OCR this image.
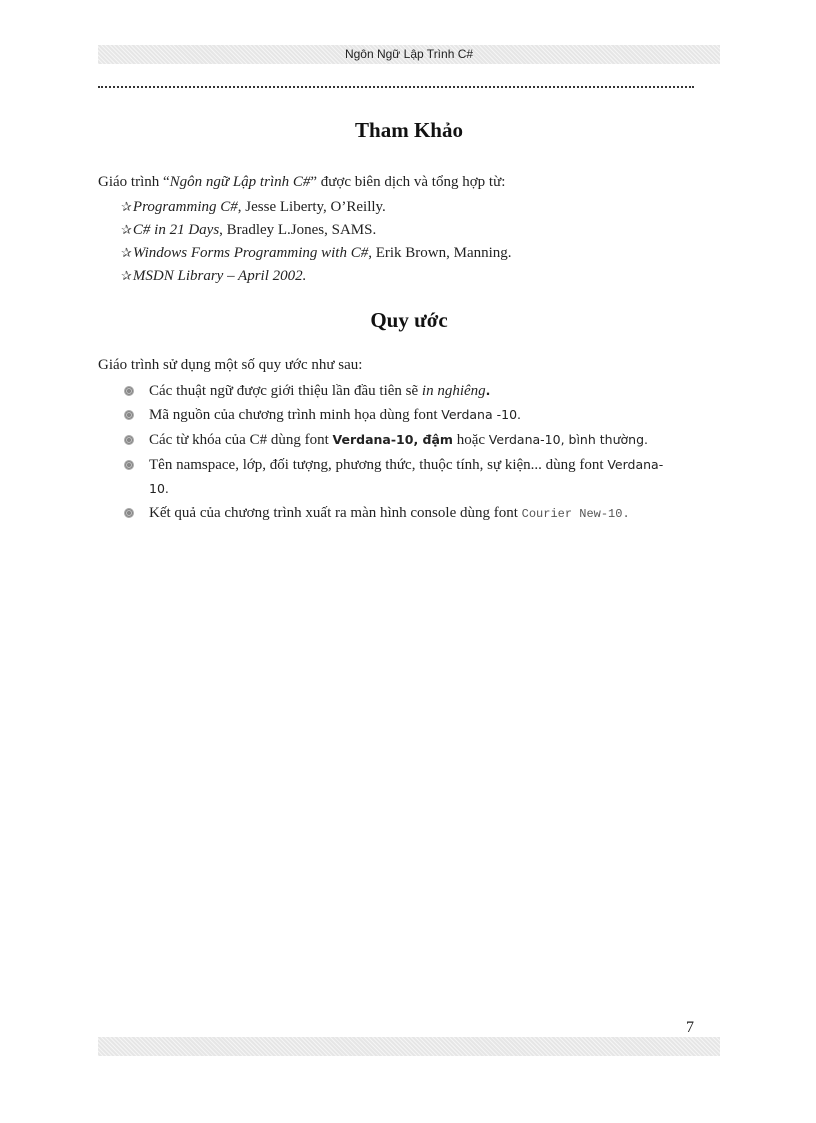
Ngôn Ngữ Lập Trình C#
Tham Khảo
Giáo trình “Ngôn ngữ Lập trình C#” được biên dịch và tổng hợp từ:
✰Programming C#, Jesse Liberty, O’Reilly.
✰C# in 21 Days, Bradley L.Jones, SAMS.
✰Windows Forms Programming with C#, Erik Brown, Manning.
✰MSDN Library – April 2002.
Quy ước
Giáo trình sử dụng một số quy ước như sau:
Các thuật ngữ được giới thiệu lần đầu tiên sẽ in nghiêng.
Mã nguồn của chương trình minh họa dùng font Verdana -10.
Các từ khóa của C# dùng font Verdana-10, đậm hoặc Verdana-10, bình thường.
Tên namspace, lớp, đối tượng, phương thức, thuộc tính, sự kiện... dùng font Verdana-
10.
Kết quả của chương trình xuất ra màn hình console dùng font Courier New-10.
7
